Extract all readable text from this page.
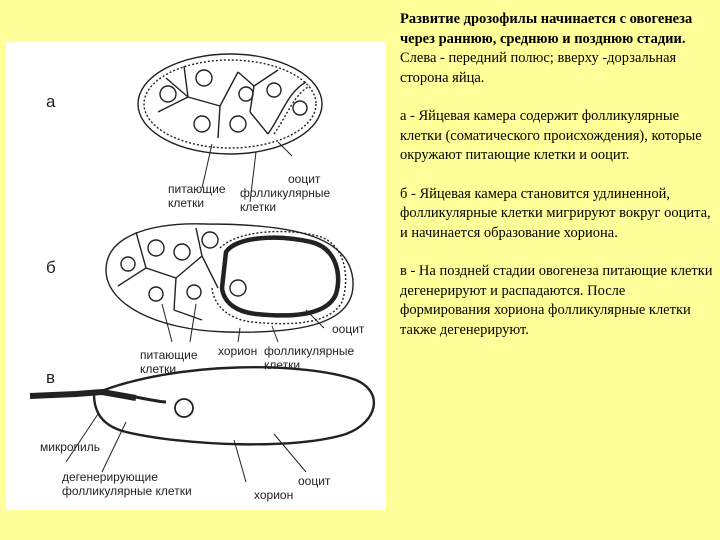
а
б
в
ооцит
питающие
клетки
фолликулярные
клетки
ооцит
питающие
клетки
хорион фолликулярные
клетки
микропиль
дегенерирующие
фолликулярные клетки	хорион
ооцит

Развитие дрозофилы начинается с овогенеза через раннюю, среднюю и позднюю стадии. Слева - передний полюс; вверху -дорзальная сторона яйца.

а - Яйцевая камера содержит фолликулярные клетки (соматического происхождения), которые окружают питающие клетки и ооцит.

б - Яйцевая камера становится удлиненной, фолликулярные клетки мигрируют вокруг ооцита, и начинается образование хориона.

в - На поздней стадии овогенеза питающие клетки дегенерируют и распадаются. После формирования хориона фолликулярные клетки также дегенерируют.
